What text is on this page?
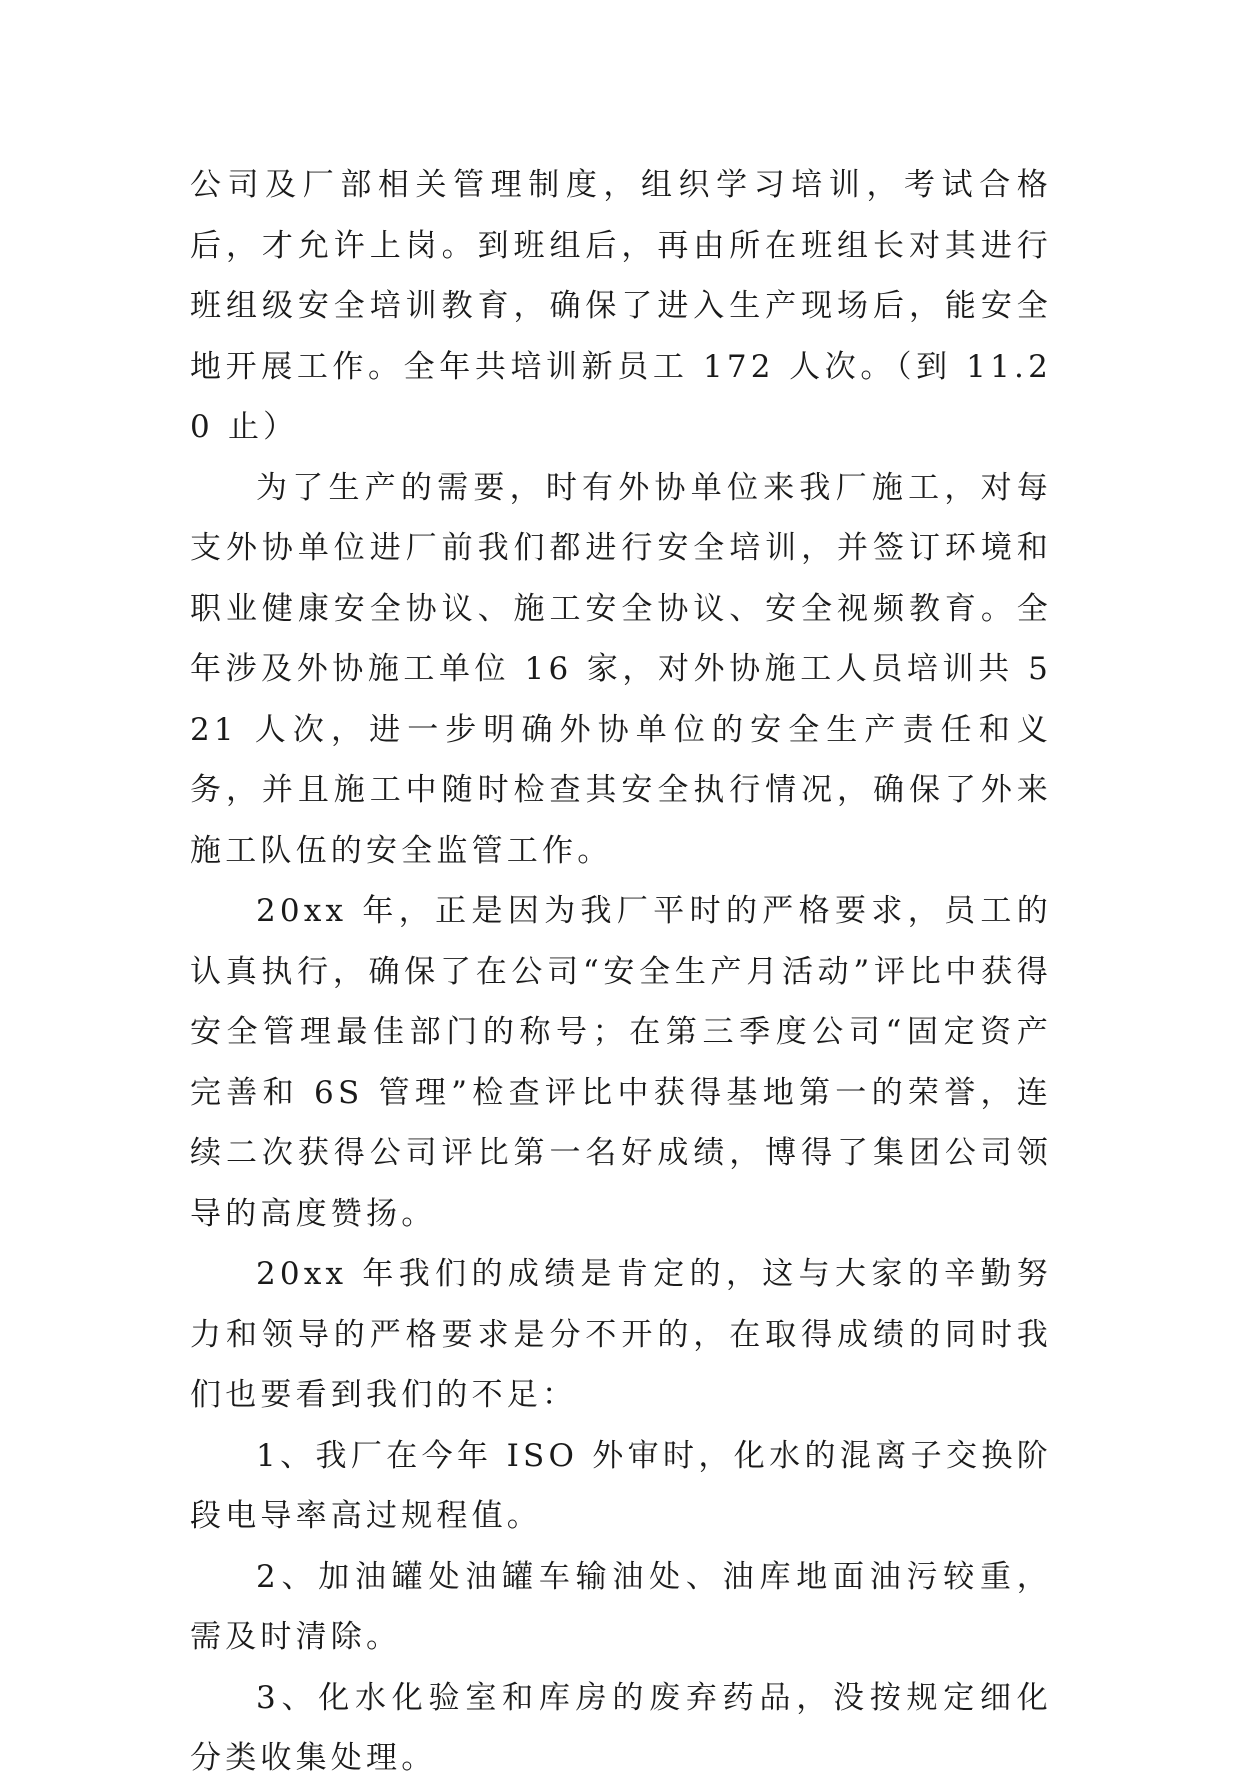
公司及厂部相关管理制度，组织学习培训，考试合格后，才允许上岗。到班组后，再由所在班组长对其进行班组级安全培训教育，确保了进入生产现场后，能安全地开展工作。全年共培训新员工 172 人次。（到 11.20 止）

为了生产的需要，时有外协单位来我厂施工，对每支外协单位进厂前我们都进行安全培训，并签订环境和职业健康安全协议、施工安全协议、安全视频教育。全年涉及外协施工单位 16 家，对外协施工人员培训共 521 人次，进一步明确外协单位的安全生产责任和义务，并且施工中随时检查其安全执行情况，确保了外来施工队伍的安全监管工作。

20xx 年，正是因为我厂平时的严格要求，员工的认真执行，确保了在公司“安全生产月活动”评比中获得安全管理最佳部门的称号；在第三季度公司“固定资产完善和 6S 管理”检查评比中获得基地第一的荣誉，连续二次获得公司评比第一名好成绩，博得了集团公司领导的高度赞扬。

20xx 年我们的成绩是肯定的，这与大家的辛勤努力和领导的严格要求是分不开的，在取得成绩的同时我们也要看到我们的不足：

1、我厂在今年 ISO 外审时，化水的混离子交换阶段电导率高过规程值。

2、加油罐处油罐车输油处、油库地面油污较重，需及时清除。

3、化水化验室和库房的废弃药品，没按规定细化分类收集处理。
